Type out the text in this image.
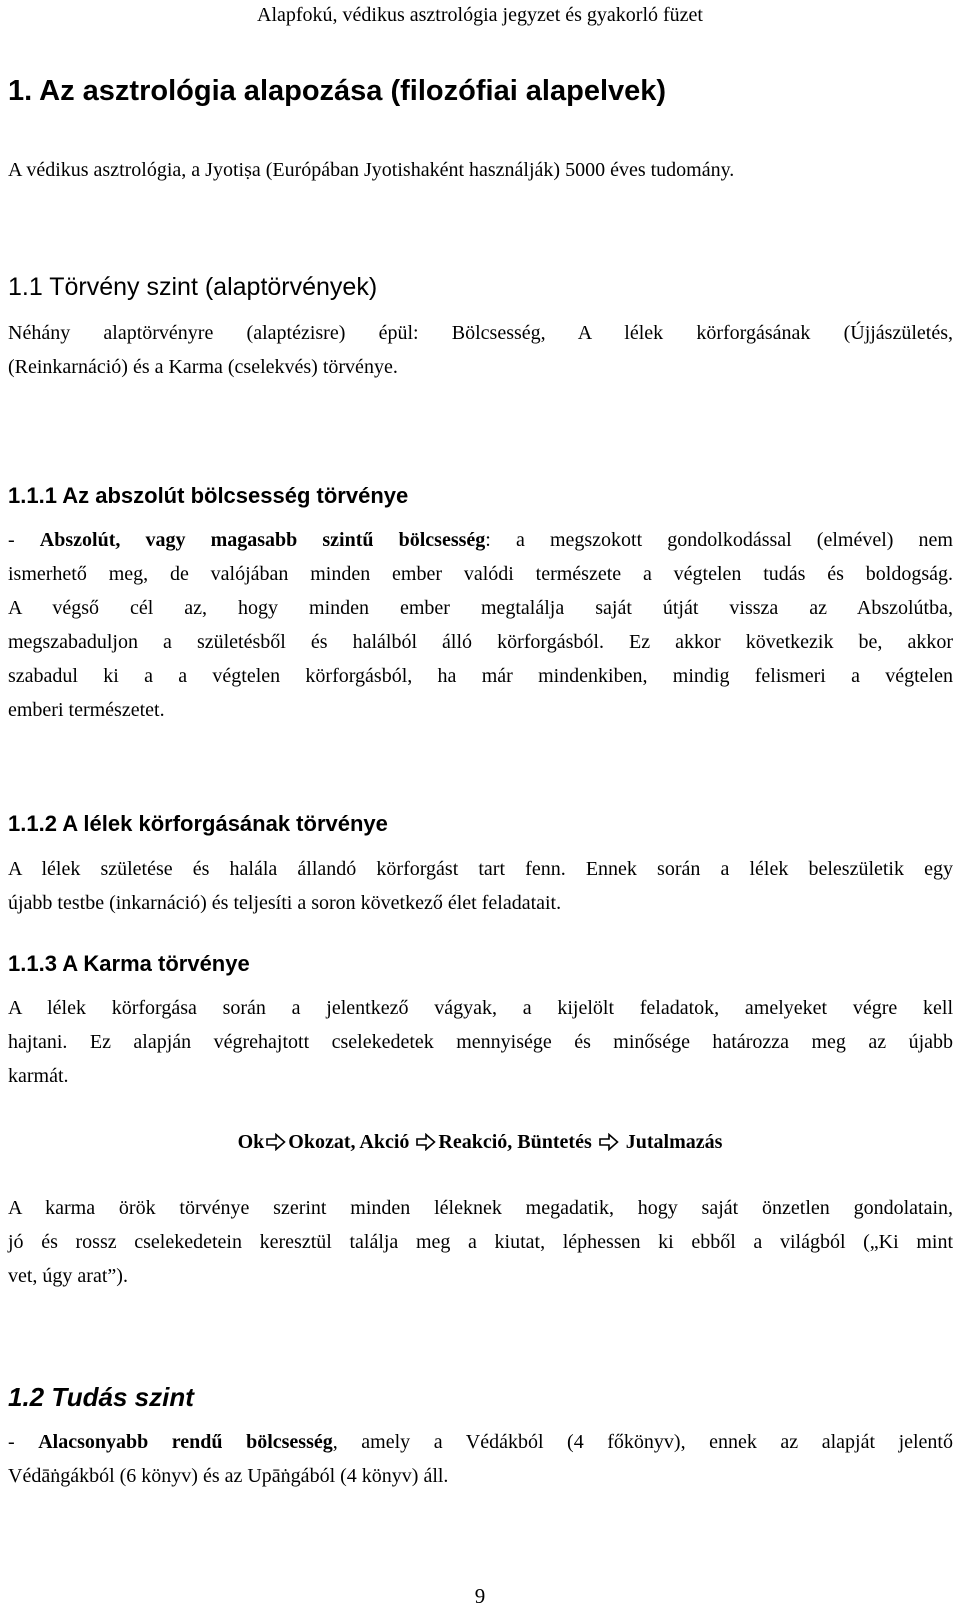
Alapfokú, védikus asztrológia jegyzet és gyakorló füzet
1. Az asztrológia alapozása (filozófiai alapelvek)
A védikus asztrológia, a Jyotiṣa (Európában Jyotishaként használják) 5000 éves tudomány.
1.1 Törvény szint (alaptörvények)
Néhány alaptörvényre (alaptézisre) épül: Bölcsesség, A lélek körforgásának (Újjászületés,
(Reinkarnáció) és a Karma (cselekvés) törvénye.
1.1.1 Az abszolút bölcsesség törvénye
- Abszolút, vagy magasabb szintű bölcsesség: a megszokott gondolkodással (elmével) nem
ismerhető meg, de valójában minden ember valódi természete a végtelen tudás és boldogság.
A végső cél az, hogy minden ember megtalálja saját útját vissza az Abszolútba,
megszabaduljon a születésből és halálból álló körforgásból. Ez akkor következik be, akkor
szabadul ki a a végtelen körforgásból, ha már mindenkiben, mindig felismeri a végtelen
emberi természetet.
1.1.2 A lélek körforgásának törvénye
A lélek születése és halála állandó körforgást tart fenn. Ennek során a lélek beleszületik egy
újabb testbe (inkarnáció) és teljesíti a soron következő élet feladatait.
1.1.3 A Karma törvénye
A lélek körforgása során a jelentkező vágyak, a kijelölt feladatok, amelyeket végre kell
hajtani. Ez alapján végrehajtott cselekedetek mennyisége és minősége határozza meg az újabb
karmát.
Ok Okozat, Akció Reakció, Büntetés  Jutalmazás
A karma örök törvénye szerint minden léleknek megadatik, hogy saját önzetlen gondolatain,
jó és rossz cselekedetein keresztül találja meg a kiutat, léphessen ki ebből a világból („Ki mint
vet, úgy arat”).
1.2 Tudás szint
- Alacsonyabb rendű bölcsesség, amely a Védákból (4 főkönyv), ennek az alapját jelentő
Védāṅgákból (6 könyv) és az Upāṅgából (4 könyv) áll.
9
